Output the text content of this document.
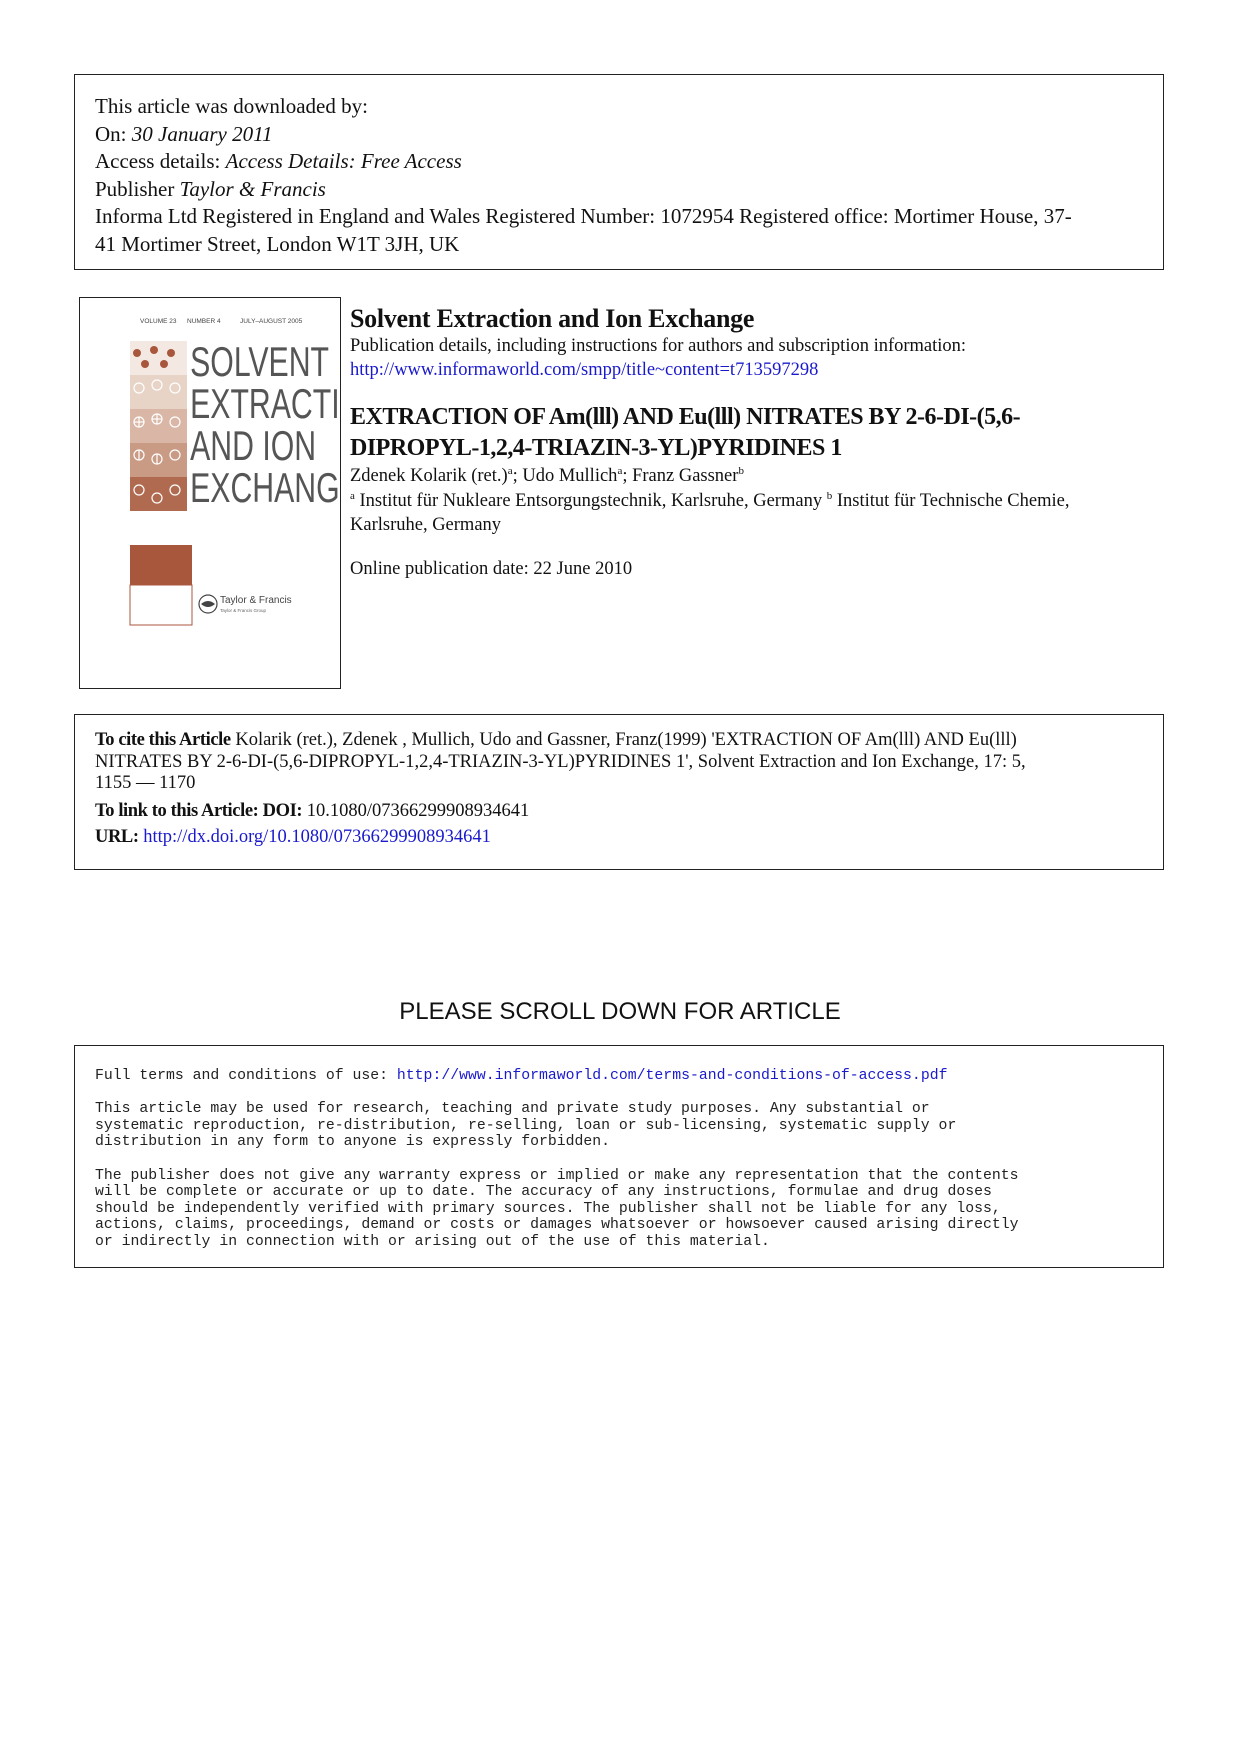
This article was downloaded by:
On: 30 January 2011
Access details: Access Details: Free Access
Publisher Taylor & Francis
Informa Ltd Registered in England and Wales Registered Number: 1072954 Registered office: Mortimer House, 37-
41 Mortimer Street, London W1T 3JH, UK
VOLUME 23 NUMBER 4	JULY–AUGUST 2005
SOLVENT
EXTRACTI
AND ION
EXCHANG
Taylor & Francis
Taylor & Francis Group
Solvent Extraction and Ion Exchange
Publication details, including instructions for authors and subscription information:
http://www.informaworld.com/smpp/title~content=t713597298
EXTRACTION OF Am(lll) AND Eu(lll) NITRATES BY 2-6-DI-(5,6-
DIPROPYL-1,2,4-TRIAZIN-3-YL)PYRIDINES 1
Zdenek Kolarik $(ret.)^a$; Udo Mullich$^a$; Franz Gassner$^b$
$^a$ Institut für Nukleare Entsorgungstechnik, Karlsruhe, Germany $^b$ Institut für Technische Chemie,
Karlsruhe, Germany
Online publication date: 22 June 2010
To cite this Article Kolarik (ret.), Zdenek , Mullich, Udo and Gassner, Franz(1999) 'EXTRACTION OF Am(lll) AND Eu(lll)
NITRATES BY 2-6-DI-(5,6-DIPROPYL-1,2,4-TRIAZIN-3-YL)PYRIDINES 1', Solvent Extraction and Ion Exchange, 17: 5,
1155 — 1170
To link to this Article: DOI: 10.1080/07366299908934641
URL: http://dx.doi.org/10.1080/07366299908934641
PLEASE SCROLL DOWN FOR ARTICLE

Full terms and conditions of use: http://www.informaworld.com/terms-and-conditions-of-access.pdf

This article may be used for research, teaching and private study purposes. Any substantial or
systematic reproduction, re-distribution, re-selling, loan or sub-licensing, systematic supply or
distribution in any form to anyone is expressly forbidden.

The publisher does not give any warranty express or implied or make any representation that the contents
will be complete or accurate or up to date. The accuracy of any instructions, formulae and drug doses
should be independently verified with primary sources. The publisher shall not be liable for any loss,
actions, claims, proceedings, demand or costs or damages whatsoever or howsoever caused arising directly
or indirectly in connection with or arising out of the use of this material.
